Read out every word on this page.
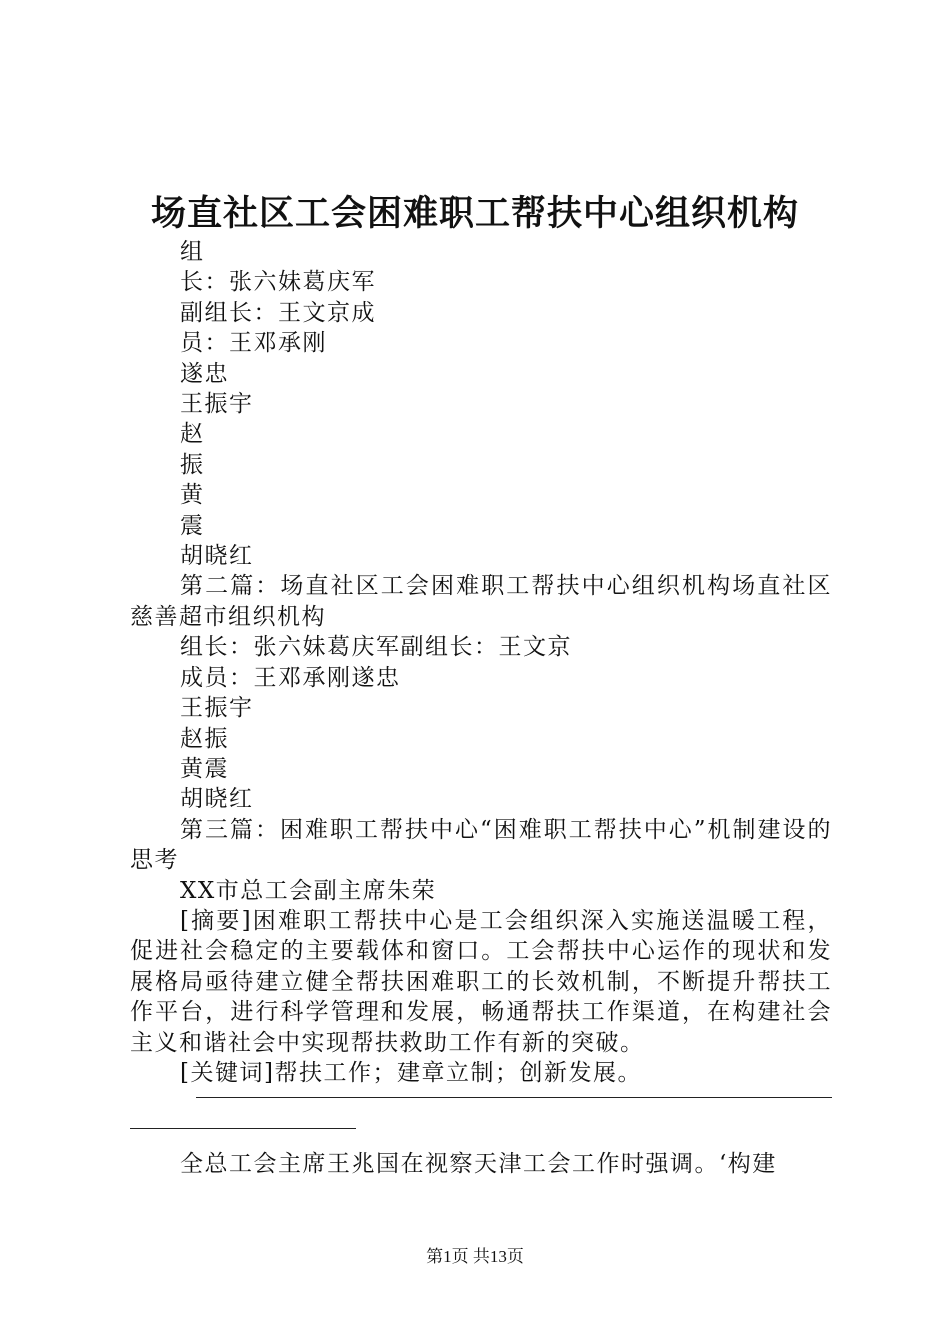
场直社区工会困难职工帮扶中心组织机构

组

长：张六妹葛庆军

副组长：王文京成

员：王邓承刚

遂忠

王振宇

赵

振

黄

震

胡晓红

第二篇：场直社区工会困难职工帮扶中心组织机构场直社区慈善超市组织机构

组长：张六妹葛庆军副组长：王文京

成员：王邓承刚遂忠

王振宇

赵振

黄震

胡晓红

第三篇：困难职工帮扶中心“困难职工帮扶中心”机制建设的思考

XX市总工会副主席朱荣

[摘要]困难职工帮扶中心是工会组织深入实施送温暖工程，促进社会稳定的主要载体和窗口。工会帮扶中心运作的现状和发展格局亟待建立健全帮扶困难职工的长效机制，不断提升帮扶工作平台，进行科学管理和发展，畅通帮扶工作渠道，在构建社会主义和谐社会中实现帮扶救助工作有新的突破。

[关键词]帮扶工作；建章立制；创新发展。

全总工会主席王兆国在视察天津工会工作时强调。‘构建

第1页 共13页
